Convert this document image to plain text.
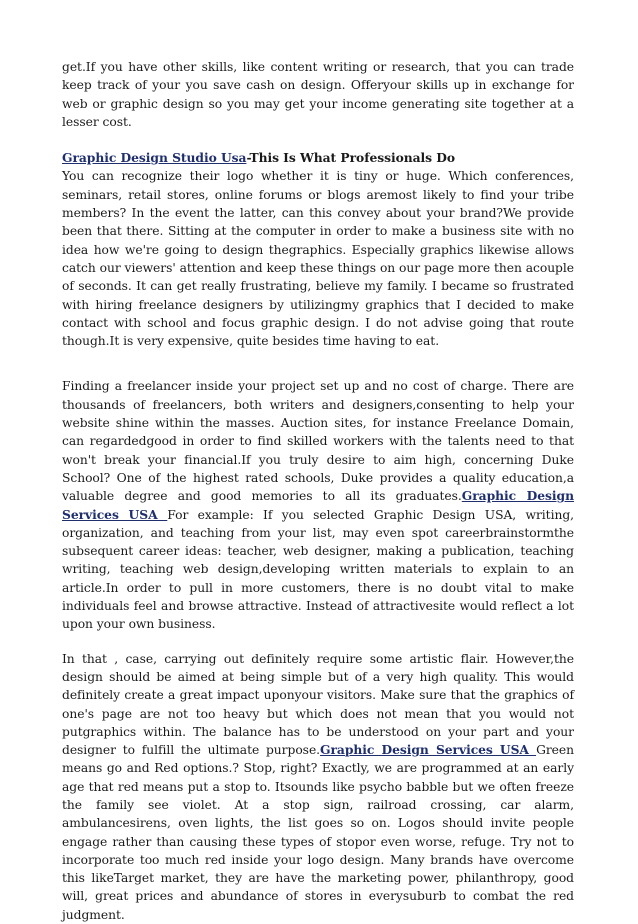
get.If you have other skills, like content writing or research, that you can trade keep track of your you save cash on design. Offeryour skills up in exchange for web or graphic design so you may get your income generating site together at a lesser cost.

Graphic Design Studio Usa-This Is What Professionals Do

You can recognize their logo whether it is tiny or huge. Which conferences, seminars, retail stores, online forums or blogs aremost likely to find your tribe members? In the event the latter, can this convey about your brand?We provide been that there. Sitting at the computer in order to make a business site with no idea how we're going to design thegraphics. Especially graphics likewise allows catch our viewers' attention and keep these things on our page more then acouple of seconds. It can get really frustrating, believe my family. I became so frustrated with hiring freelance designers by utilizingmy graphics that I decided to make contact with school and focus graphic design. I do not advise going that route though.It is very expensive, quite besides time having to eat.

Finding a freelancer inside your project set up and no cost of charge. There are thousands of freelancers, both writers and designers,consenting to help your website shine within the masses. Auction sites, for instance Freelance Domain, can regardedgood in order to find skilled workers with the talents need to that won't break your financial.If you truly desire to aim high, concerning Duke School? One of the highest rated schools, Duke provides a quality education,a valuable degree and good memories to all its graduates.Graphic Design Services USA For example: If you selected Graphic Design USA, writing, organization, and teaching from your list, may even spot careerbrainstormthe subsequent career ideas: teacher, web designer, making a publication, teaching writing, teaching web design,developing written materials to explain to an article.In order to pull in more customers, there is no doubt vital to make individuals feel and browse attractive. Instead of attractivesite would reflect a lot upon your own business.

In that , case, carrying out definitely require some artistic flair. However,the design should be aimed at being simple but of a very high quality. This would definitely create a great impact uponyour visitors. Make sure that the graphics of one's page are not too heavy but which does not mean that you would not putgraphics within. The balance has to be understood on your part and your designer to fulfill the ultimate purpose.Graphic Design Services USA Green means go and Red options.? Stop, right? Exactly, we are programmed at an early age that red means put a stop to. Itsounds like psycho babble but we often freeze the family see violet. At a stop sign, railroad crossing, car alarm, ambulancesirens, oven lights, the list goes so on. Logos should invite people engage rather than causing these types of stopor even worse, refuge. Try not to incorporate too much red inside your logo design. Many brands have overcome this likeTarget market, they are have the marketing power, philanthropy, good will, great prices and abundance of stores in everysuburb to combat the red judgment.
